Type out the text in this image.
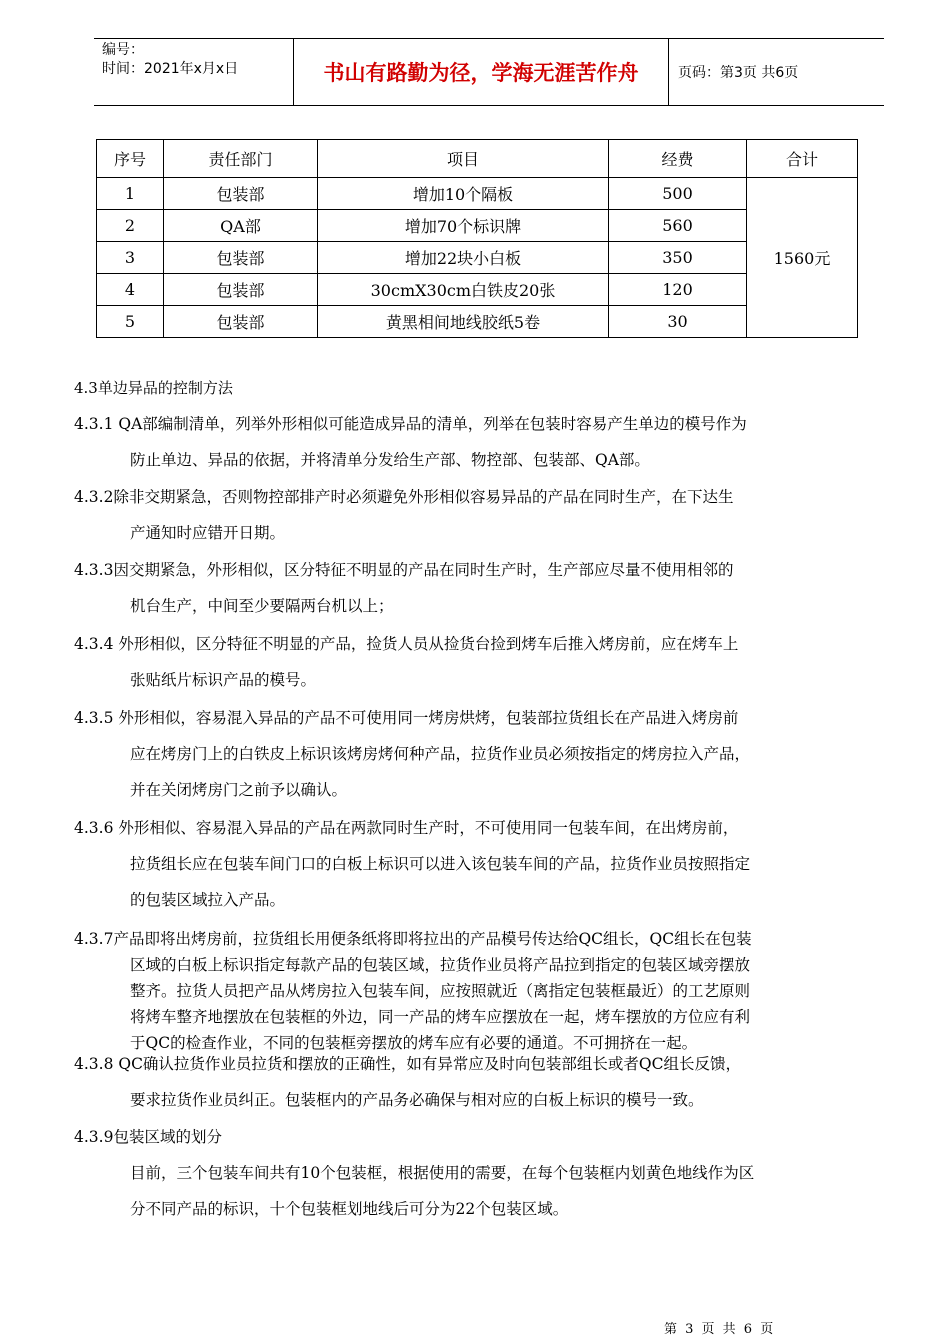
编号：
时间：2021年x月x日	书山有路勤为径，学海无涯苦作舟	页码：第3页 共6页
序号	责任部门	项目	经费	合计
1	包装部	增加10个隔板	500	1560元
2	QA部	增加70个标识牌	560	
3	包装部	增加22块小白板	350	
4	包装部	30cmX30cm白铁皮20张	120	
5	包装部	黄黑相间地线胶纸5卷	30	
4.3单边异品的控制方法
4.3.1 QA部编制清单，列举外形相似可能造成异品的清单，列举在包装时容易产生单边的模号作为
防止单边、异品的依据，并将清单分发给生产部、物控部、包装部、QA部。
4.3.2除非交期紧急，否则物控部排产时必须避免外形相似容易异品的产品在同时生产，在下达生
产通知时应错开日期。
4.3.3因交期紧急，外形相似，区分特征不明显的产品在同时生产时，生产部应尽量不使用相邻的
机台生产，中间至少要隔两台机以上；
4.3.4 外形相似，区分特征不明显的产品，捡货人员从捡货台捡到烤车后推入烤房前，应在烤车上
张贴纸片标识产品的模号。
4.3.5 外形相似，容易混入异品的产品不可使用同一烤房烘烤，包装部拉货组长在产品进入烤房前
应在烤房门上的白铁皮上标识该烤房烤何种产品，拉货作业员必须按指定的烤房拉入产品，
并在关闭烤房门之前予以确认。
4.3.6 外形相似、容易混入异品的产品在两款同时生产时，不可使用同一包装车间，在出烤房前，
拉货组长应在包装车间门口的白板上标识可以进入该包装车间的产品，拉货作业员按照指定
的包装区域拉入产品。
4.3.7产品即将出烤房前，拉货组长用便条纸将即将拉出的产品模号传达给QC组长，QC组长在包装
区域的白板上标识指定每款产品的包装区域，拉货作业员将产品拉到指定的包装区域旁摆放
整齐。拉货人员把产品从烤房拉入包装车间，应按照就近（离指定包装框最近）的工艺原则
将烤车整齐地摆放在包装框的外边，同一产品的烤车应摆放在一起，烤车摆放的方位应有利
于QC的检查作业，不同的包装框旁摆放的烤车应有必要的通道。不可拥挤在一起。
4.3.8 QC确认拉货作业员拉货和摆放的正确性，如有异常应及时向包装部组长或者QC组长反馈，
要求拉货作业员纠正。包装框内的产品务必确保与相对应的白板上标识的模号一致。
4.3.9包装区域的划分
目前，三个包装车间共有10个包装框，根据使用的需要，在每个包装框内划黄色地线作为区
分不同产品的标识，十个包装框划地线后可分为22个包装区域。
第 3 页 共 6 页
